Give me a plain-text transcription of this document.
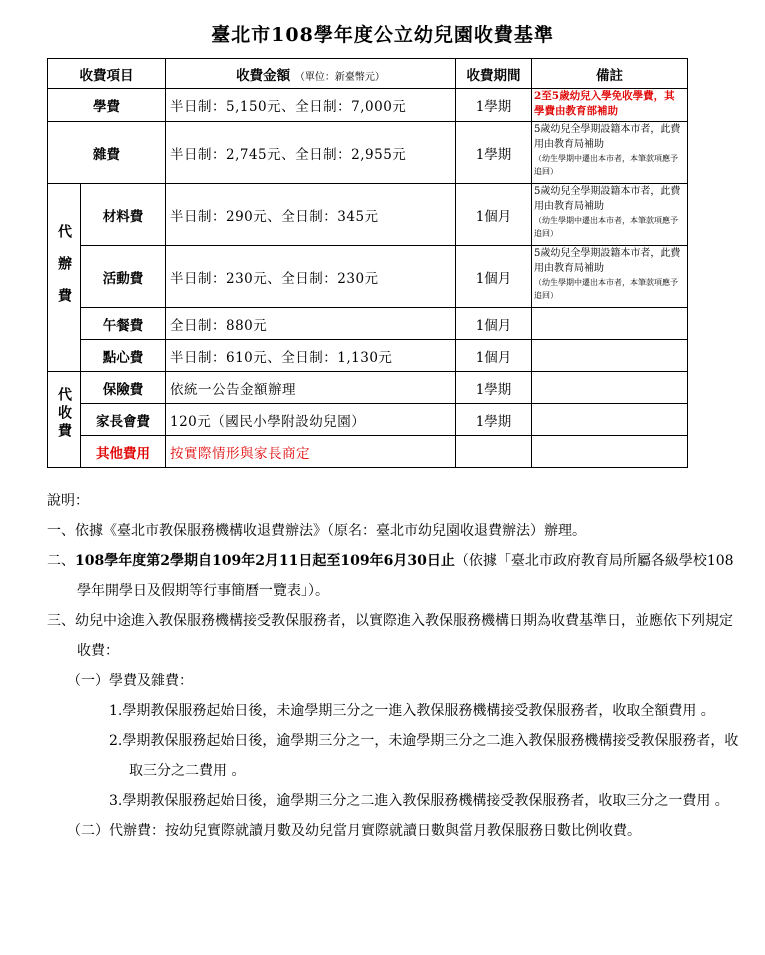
臺北市108學年度公立幼兒園收費基準
收費項目		收費金額 （單位：新臺幣元）	收費期間	備註
學費		半日制：5,150元、全日制：7,000元	1學期	2至5歲幼兒入學免收學費，其學費由教育部補助
雜費		半日制：2,745元、全日制：2,955元	1學期	5歲幼兒全學期設籍本市者，此費用由教育局補助
（幼生學期中遷出本市者，本筆款項應予追回）

代辦費	材料費	半日制：290元、全日制：345元	1個月	5歲幼兒全學期設籍本市者，此費用由教育局補助
（幼生學期中遷出本市者，本筆款項應予追回）

	活動費	半日制：230元、全日制：230元	1個月	5歲幼兒全學期設籍本市者，此費用由教育局補助
（幼生學期中遷出本市者，本筆款項應予追回）

	午餐費	全日制：880元	1個月	
	點心費	半日制：610元、全日制：1,130元	1個月	
代收費	保險費	依統一公告金額辦理	1學期	
	家長會費	120元（國民小學附設幼兒園）	1學期	
	其他費用	按實際情形與家長商定		

說明：

一、依據《臺北市教保服務機構收退費辦法》（原名：臺北市幼兒園收退費辦法）辦理。

二、108學年度第2學期自109年2月11日起至109年6月30日止（依據「臺北市政府教育局所屬各級學校108學年開學日及假期等行事簡曆一覽表」）。

三、幼兒中途進入教保服務機構接受教保服務者，以實際進入教保服務機構日期為收費基準日，並應依下列規定收費：

（一）學費及雜費：

1.學期教保服務起始日後，未逾學期三分之一進入教保服務機構接受教保服務者，收取全額費用 。

2.學期教保服務起始日後，逾學期三分之一，未逾學期三分之二進入教保服務機構接受教保服務者，收取三分之二費用 。

3.學期教保服務起始日後，逾學期三分之二進入教保服務機構接受教保服務者，收取三分之一費用 。

（二）代辦費：按幼兒實際就讀月數及幼兒當月實際就讀日數與當月教保服務日數比例收費。
